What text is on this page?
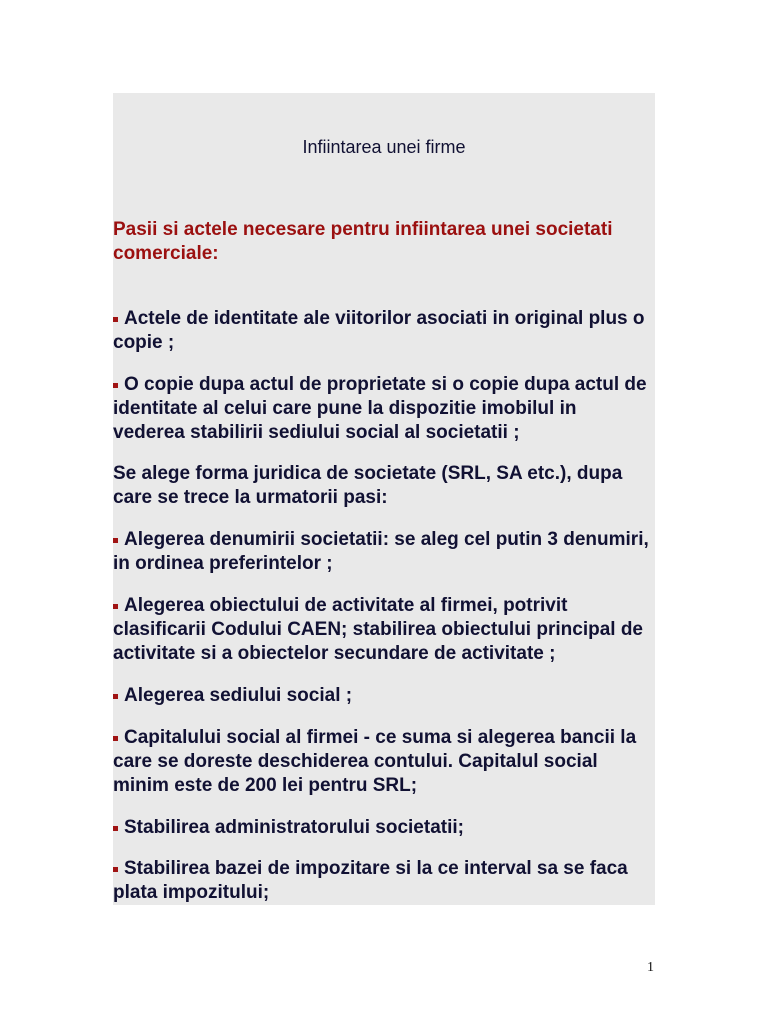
Infiintarea unei firme
Pasii si actele necesare pentru infiintarea unei societati comerciale:
Actele de identitate ale viitorilor asociati in original plus o copie ;
O copie dupa actul de proprietate si o copie dupa actul de identitate al celui care pune la dispozitie imobilul in vederea stabilirii sediului social al societatii ;
Se alege forma juridica de societate (SRL, SA etc.), dupa care se trece la urmatorii pasi:
Alegerea denumirii societatii: se aleg cel putin 3 denumiri, in ordinea preferintelor ;
Alegerea obiectului de activitate al firmei, potrivit clasificarii Codului CAEN; stabilirea obiectului principal de activitate si a obiectelor secundare de activitate ;
Alegerea sediului social ;
Capitalului social al firmei - ce suma si alegerea bancii la care se doreste deschiderea contului. Capitalul social minim este de 200 lei pentru SRL;
Stabilirea administratorului societatii;
Stabilirea bazei de impozitare si la ce interval sa se faca plata impozitului;
1
